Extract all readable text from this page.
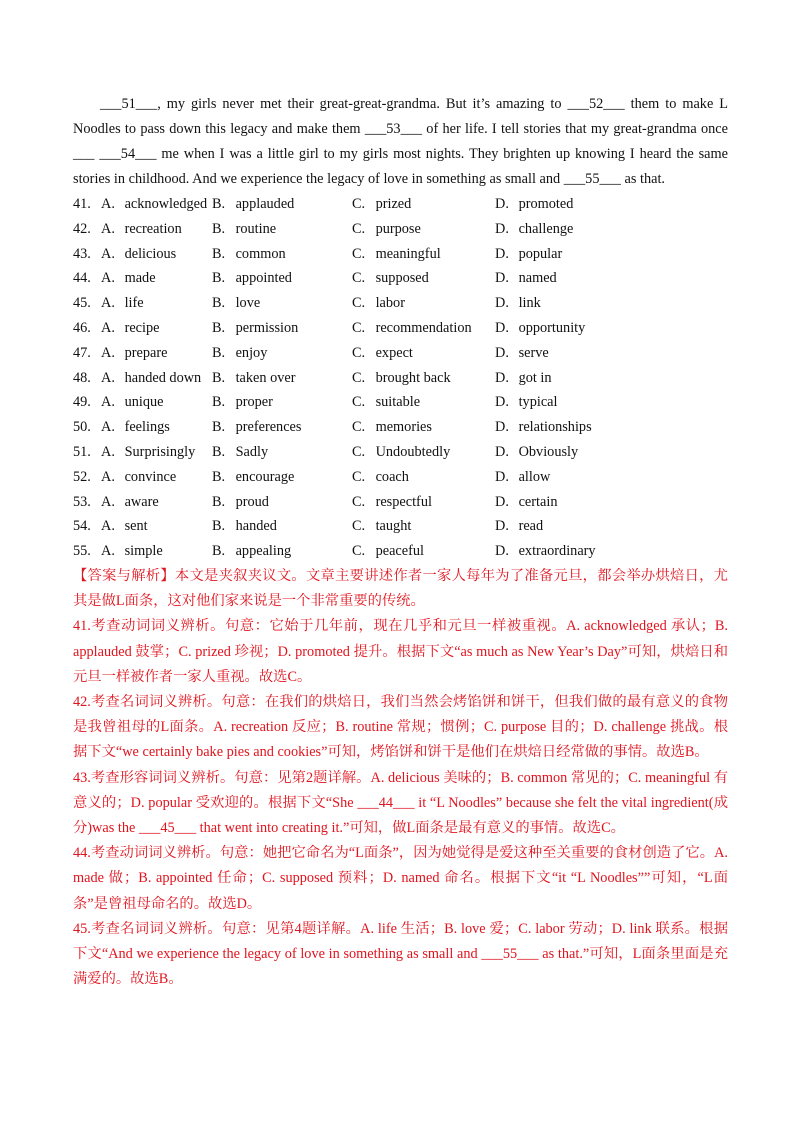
___51___, my girls never met their great-great-grandma. But it’s amazing to ___52___ them to make L Noodles to pass down this legacy and make them ___53___ of her life. I tell stories that my great-grandma once ___ ___54___ me when I was a little girl to my girls most nights. They brighten up knowing I heard the same stories in childhood. And we experience the legacy of love in something as small and ___55___ as that.

41. A. acknowledged B. applauded	C. prized	D. promoted
42. A. recreation B. routine	C. purpose	D. challenge
43. A. delicious	B. common	C. meaningful	D. popular
44. A. made	B. appointed	C. supposed	D. named
45. A. life	B. love	C. labor	D. link
46. A. recipe	B. permission	C. recommendation D. opportunity
47. A. prepare	B. enjoy	C. expect	D. serve
48. A. handed down B. taken over	C. brought back	D. got in
49. A. unique	B. proper	C. suitable	D. typical
50. A. feelings	B. preferences	C. memories	D. relationships
51. A. Surprisingly B. Sadly	C. Undoubtedly	D. Obviously
52. A. convince	B. encourage	C. coach	D. allow
53. A. aware	B. proud	C. respectful	D. certain
54. A. sent	B. handed	C. taught	D. read
55. A. simple	B. appealing	C. peaceful	D. extraordinary

【答案与解析】本文是夹叙夹议文。文章主要讲述作者一家人每年为了准备元旦，都会举办烘焙日，尤其是做L面条，这对他们家来说是一个非常重要的传统。

41.考查动词词义辨析。句意：它始于几年前，现在几乎和元旦一样被重视。A. acknowledged 承认；B. applauded 鼓掌；C. prized 珍视；D. promoted 提升。根据下文“as much as New Year’s Day”可知，烘焙日和元旦一样被作者一家人重视。故选C。

42.考查名词词义辨析。句意：在我们的烘焙日，我们当然会烤馅饼和饼干，但我们做的最有意义的食物是我曾祖母的L面条。A. recreation 反应；B. routine 常规；惯例；C. purpose 目的；D. challenge 挑战。根据下文“we certainly bake pies and cookies”可知，烤馅饼和饼干是他们在烘焙日经常做的事情。故选B。

43.考查形容词词义辨析。句意：见第2题详解。A. delicious 美味的；B. common 常见的；C. meaningful 有意义的；D. popular 受欢迎的。根据下文“She ___44___ it “L Noodles” because she felt the vital ingredient(成分)was the ___45___ that went into creating it.”可知，做L面条是最有意义的事情。故选C。

44.考查动词词义辨析。句意：她把它命名为“L面条”，因为她觉得是爱这种至关重要的食材创造了它。A. made 做；B. appointed 任命；C. supposed 预料；D. named 命名。根据下文“it “L Noodles””可知，“L面条”是曾祖母命名的。故选D。

45.考查名词词义辨析。句意：见第4题详解。A. life 生活；B. love 爱；C. labor 劳动；D. link 联系。根据下文“And we experience the legacy of love in something as small and ___55___ as that.”可知，L面条里面是充满爱的。故选B。
